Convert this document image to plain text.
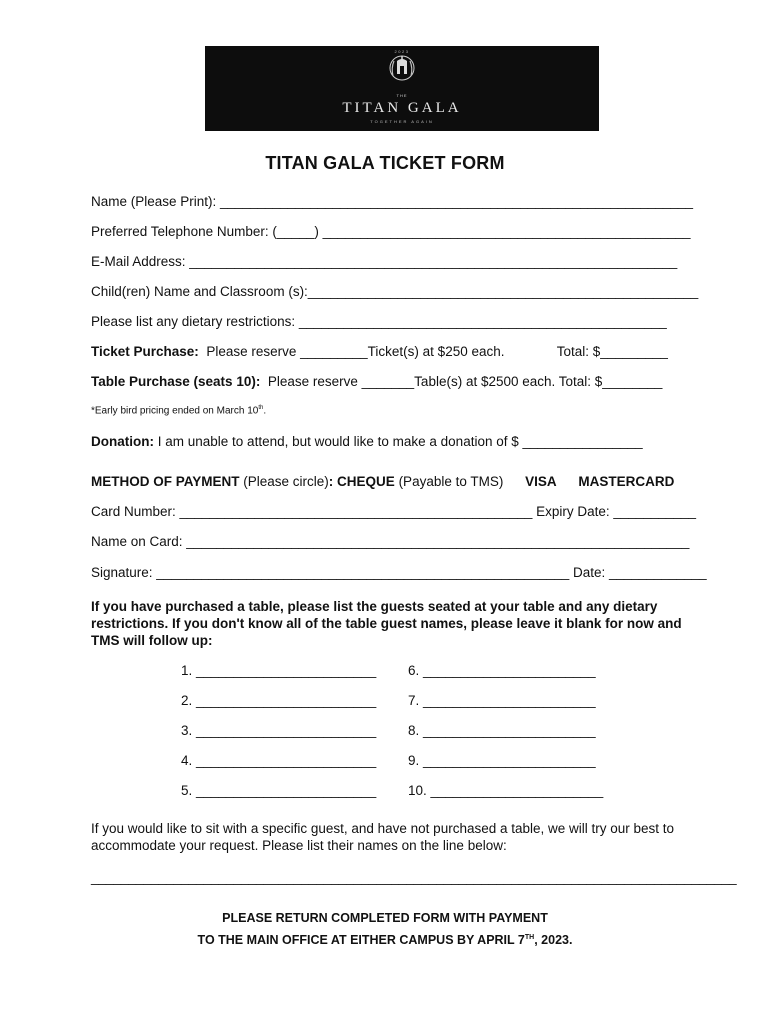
2023
THE
TITAN GALA
TOGETHER AGAIN
TITAN GALA TICKET FORM
Name (Please Print): _______________________________________________________________
Preferred Telephone Number: (_____) _________________________________________________
E-Mail Address: _________________________________________________________________
Child(ren) Name and Classroom (s):____________________________________________________
Please list any dietary restrictions: _________________________________________________
Ticket Purchase:  Please reserve _________Ticket(s) at $250 each.              Total: $_________
Table Purchase (seats 10):  Please reserve _______Table(s) at $2500 each. Total: $________
*Early bird pricing ended on March 10th.
Donation: I am unable to attend, but would like to make a donation of $ ________________
METHOD OF PAYMENT (Please circle): CHEQUE (Payable to TMS) VISA MASTERCARD
Card Number: _______________________________________________ Expiry Date: ___________
Name on Card: ___________________________________________________________________
Signature: _______________________________________________________ Date: _____________
If you have purchased a table, please list the guests seated at your table and any dietary restrictions. If you don't know all of the table guest names, please leave it blank for now and TMS will follow up:
1. ________________________
2. ________________________
3. ________________________
4. ________________________
5. ________________________
6. _______________________
7. _______________________
8. _______________________
9. _______________________
10. _______________________
If you would like to sit with a specific guest, and have not purchased a table, we will try our best to accommodate your request. Please list their names on the line below:
______________________________________________________________________________________
PLEASE RETURN COMPLETED FORM WITH PAYMENT
TO THE MAIN OFFICE AT EITHER CAMPUS BY APRIL 7TH, 2023.
